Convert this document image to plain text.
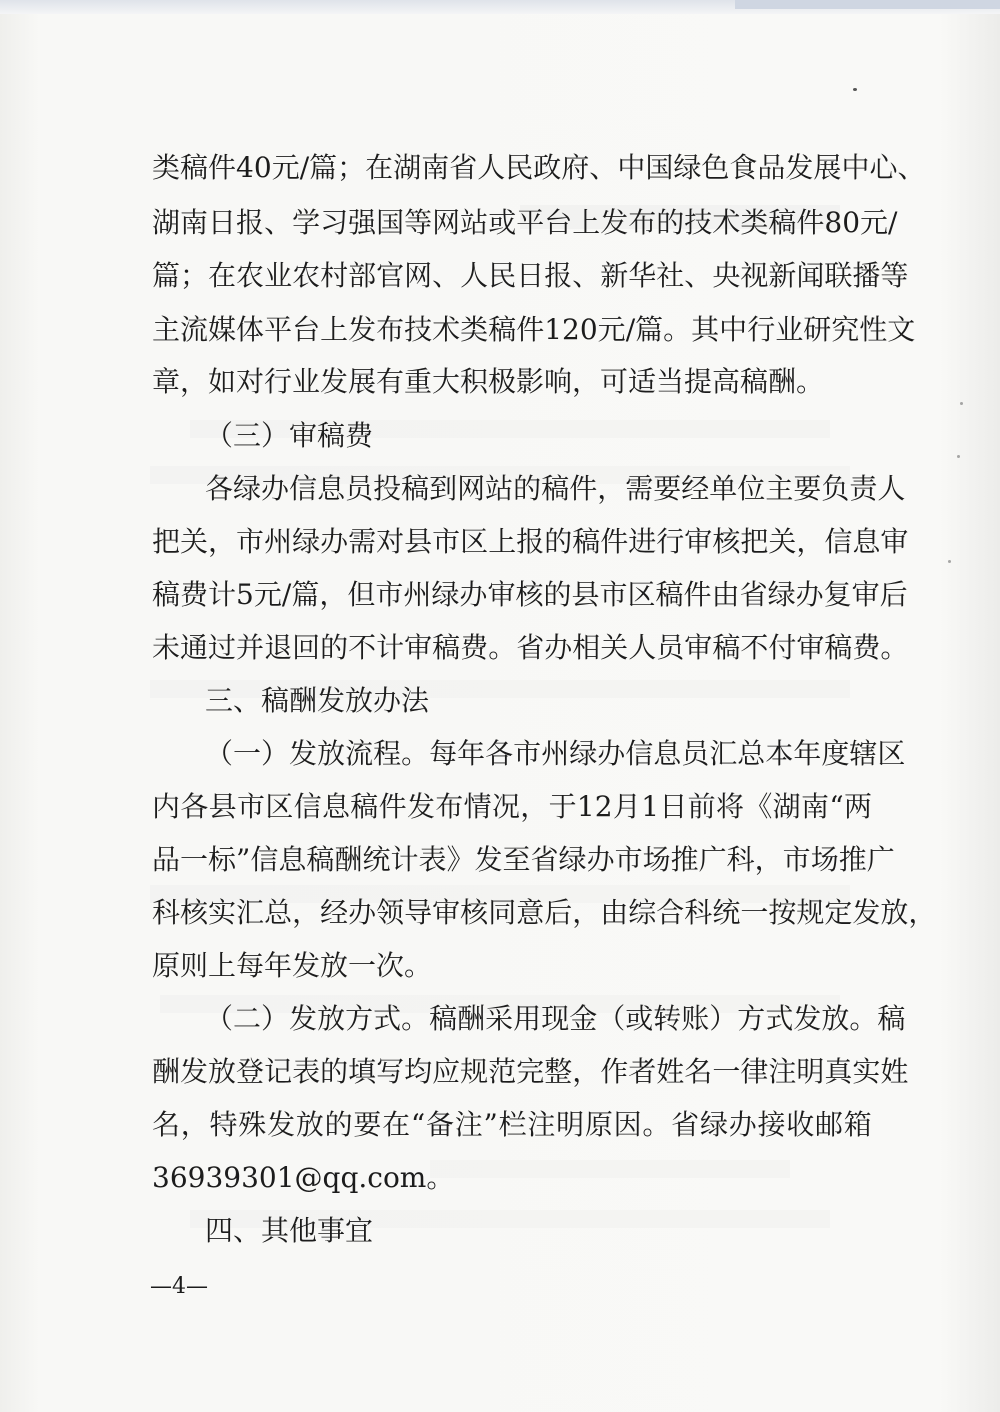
类 稿 件 40 元 / 篇 ； 在 湖 南 省 人 民 政 府 、 中 国 绿 色 食 品 发 展 中 心 、
湖 南 日 报 、 学 习 强 国 等 网 站 或 平 台 上 发 布 的 技 术 类 稿 件 80 元 /
篇 ； 在 农 业 农 村 部 官 网 、 人 民 日 报 、 新 华 社 、 央 视 新 闻 联 播 等
主 流 媒 体 平 台 上 发 布 技 术 类 稿 件 120 元 / 篇 。 其 中 行 业 研 究 性 文
章，如对行业发展有重大积极影响，可适当提高稿酬。
（三）审稿费
各 绿 办 信 息 员 投 稿 到 网 站 的 稿 件 ， 需 要 经 单 位 主 要 负 责 人
把 关 ， 市 州 绿 办 需 对 县 市 区 上 报 的 稿 件 进 行 审 核 把 关 ， 信 息 审
稿 费 计 5 元 / 篇 ， 但 市 州 绿 办 审 核 的 县 市 区 稿 件 由 省 绿 办 复 审 后
未 通 过 并 退 回 的 不 计 审 稿 费 。 省 办 相 关 人 员 审 稿 不 付 审 稿 费 。
三、稿酬发放办法
（ 一 ） 发 放 流 程 。 每 年 各 市 州 绿 办 信 息 员 汇 总 本 年 度 辖 区
内 各 县 市 区 信 息 稿 件 发 布 情 况 ， 于 12 月 1 日 前 将 《 湖 南 “ 两
品 一 标 ” 信 息 稿 酬 统 计 表 》 发 至 省 绿 办 市 场 推 广 科 ， 市 场 推 广
科 核 实 汇 总 ， 经 办 领 导 审 核 同 意 后 ， 由 综 合 科 统 一 按 规 定 发 放 ，
原则上每年发放一次。
（ 二 ） 发 放 方 式 。 稿 酬 采 用 现 金 （ 或 转 账 ） 方 式 发 放 。 稿
酬 发 放 登 记 表 的 填 写 均 应 规 范 完 整 ， 作 者 姓 名 一 律 注 明 真 实 姓
名 ， 特 殊 发 放 的 要 在 “ 备 注 ” 栏 注 明 原 因 。 省 绿 办 接 收 邮 箱
36939301@qq.com。
四、其他事宜
—4—
